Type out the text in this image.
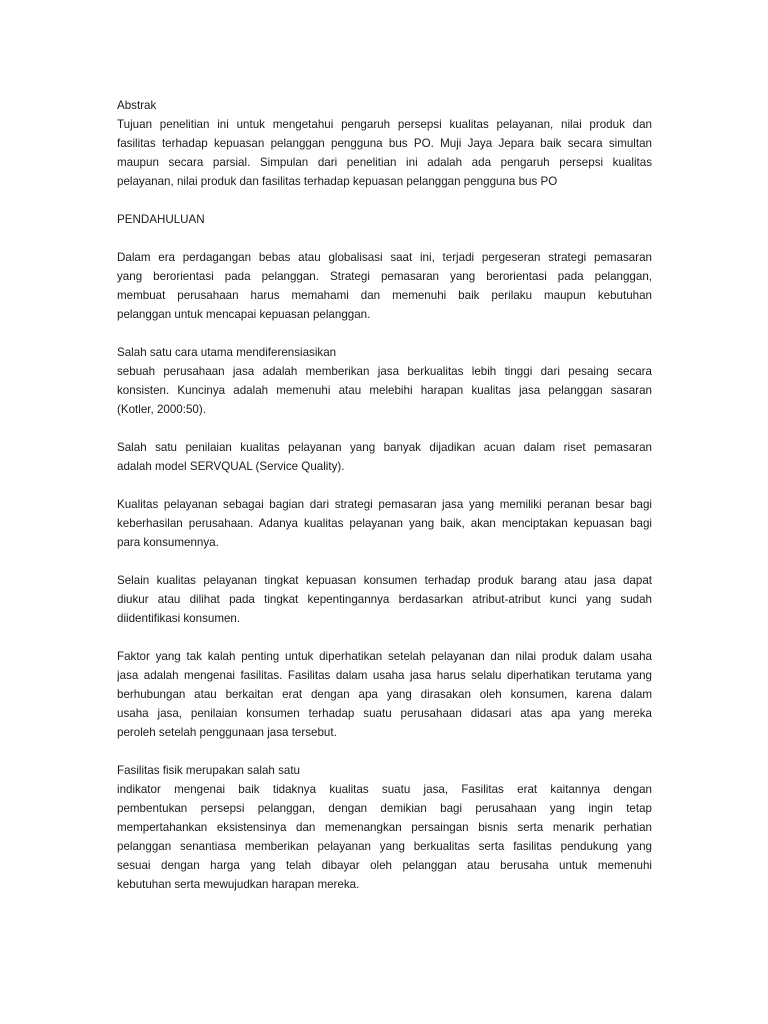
Abstrak
Tujuan penelitian ini untuk mengetahui pengaruh persepsi kualitas pelayanan, nilai produk dan
fasilitas terhadap kepuasan pelanggan pengguna bus PO. Muji Jaya Jepara baik secara simultan
maupun secara parsial. Simpulan dari penelitian ini adalah ada pengaruh persepsi kualitas
pelayanan, nilai produk dan fasilitas terhadap kepuasan pelanggan pengguna bus PO
PENDAHULUAN
Dalam era perdagangan bebas atau globalisasi saat ini, terjadi pergeseran strategi pemasaran
yang berorientasi pada pelanggan. Strategi pemasaran yang berorientasi pada pelanggan,
membuat perusahaan harus memahami dan memenuhi baik perilaku maupun kebutuhan
pelanggan untuk mencapai kepuasan pelanggan.
Salah satu cara utama mendiferensiasikan
sebuah perusahaan jasa adalah memberikan jasa berkualitas lebih tinggi dari pesaing secara
konsisten. Kuncinya adalah memenuhi atau melebihi harapan kualitas jasa pelanggan sasaran
(Kotler, 2000:50).
Salah satu penilaian kualitas pelayanan yang banyak dijadikan acuan dalam riset pemasaran
adalah model SERVQUAL (Service Quality).
Kualitas pelayanan sebagai bagian dari strategi pemasaran jasa yang memiliki peranan besar bagi
keberhasilan perusahaan. Adanya kualitas pelayanan yang baik, akan menciptakan kepuasan bagi
para konsumennya.
Selain kualitas pelayanan tingkat kepuasan konsumen terhadap produk barang atau jasa dapat
diukur atau dilihat pada tingkat kepentingannya berdasarkan atribut-atribut kunci yang sudah
diidentifikasi konsumen.
Faktor yang tak kalah penting untuk diperhatikan setelah pelayanan dan nilai produk dalam usaha
jasa adalah mengenai fasilitas. Fasilitas dalam usaha jasa harus selalu diperhatikan terutama yang
berhubungan atau berkaitan erat dengan apa yang dirasakan oleh konsumen, karena dalam
usaha jasa, penilaian konsumen terhadap suatu perusahaan didasari atas apa yang mereka
peroleh setelah penggunaan jasa tersebut.
Fasilitas fisik merupakan salah satu
indikator mengenai baik tidaknya kualitas suatu jasa, Fasilitas erat kaitannya dengan
pembentukan persepsi pelanggan, dengan demikian bagi perusahaan yang ingin tetap
mempertahankan eksistensinya dan memenangkan persaingan bisnis serta menarik perhatian
pelanggan senantiasa memberikan pelayanan yang berkualitas serta fasilitas pendukung yang
sesuai dengan harga yang telah dibayar oleh pelanggan atau berusaha untuk memenuhi
kebutuhan serta mewujudkan harapan mereka.
